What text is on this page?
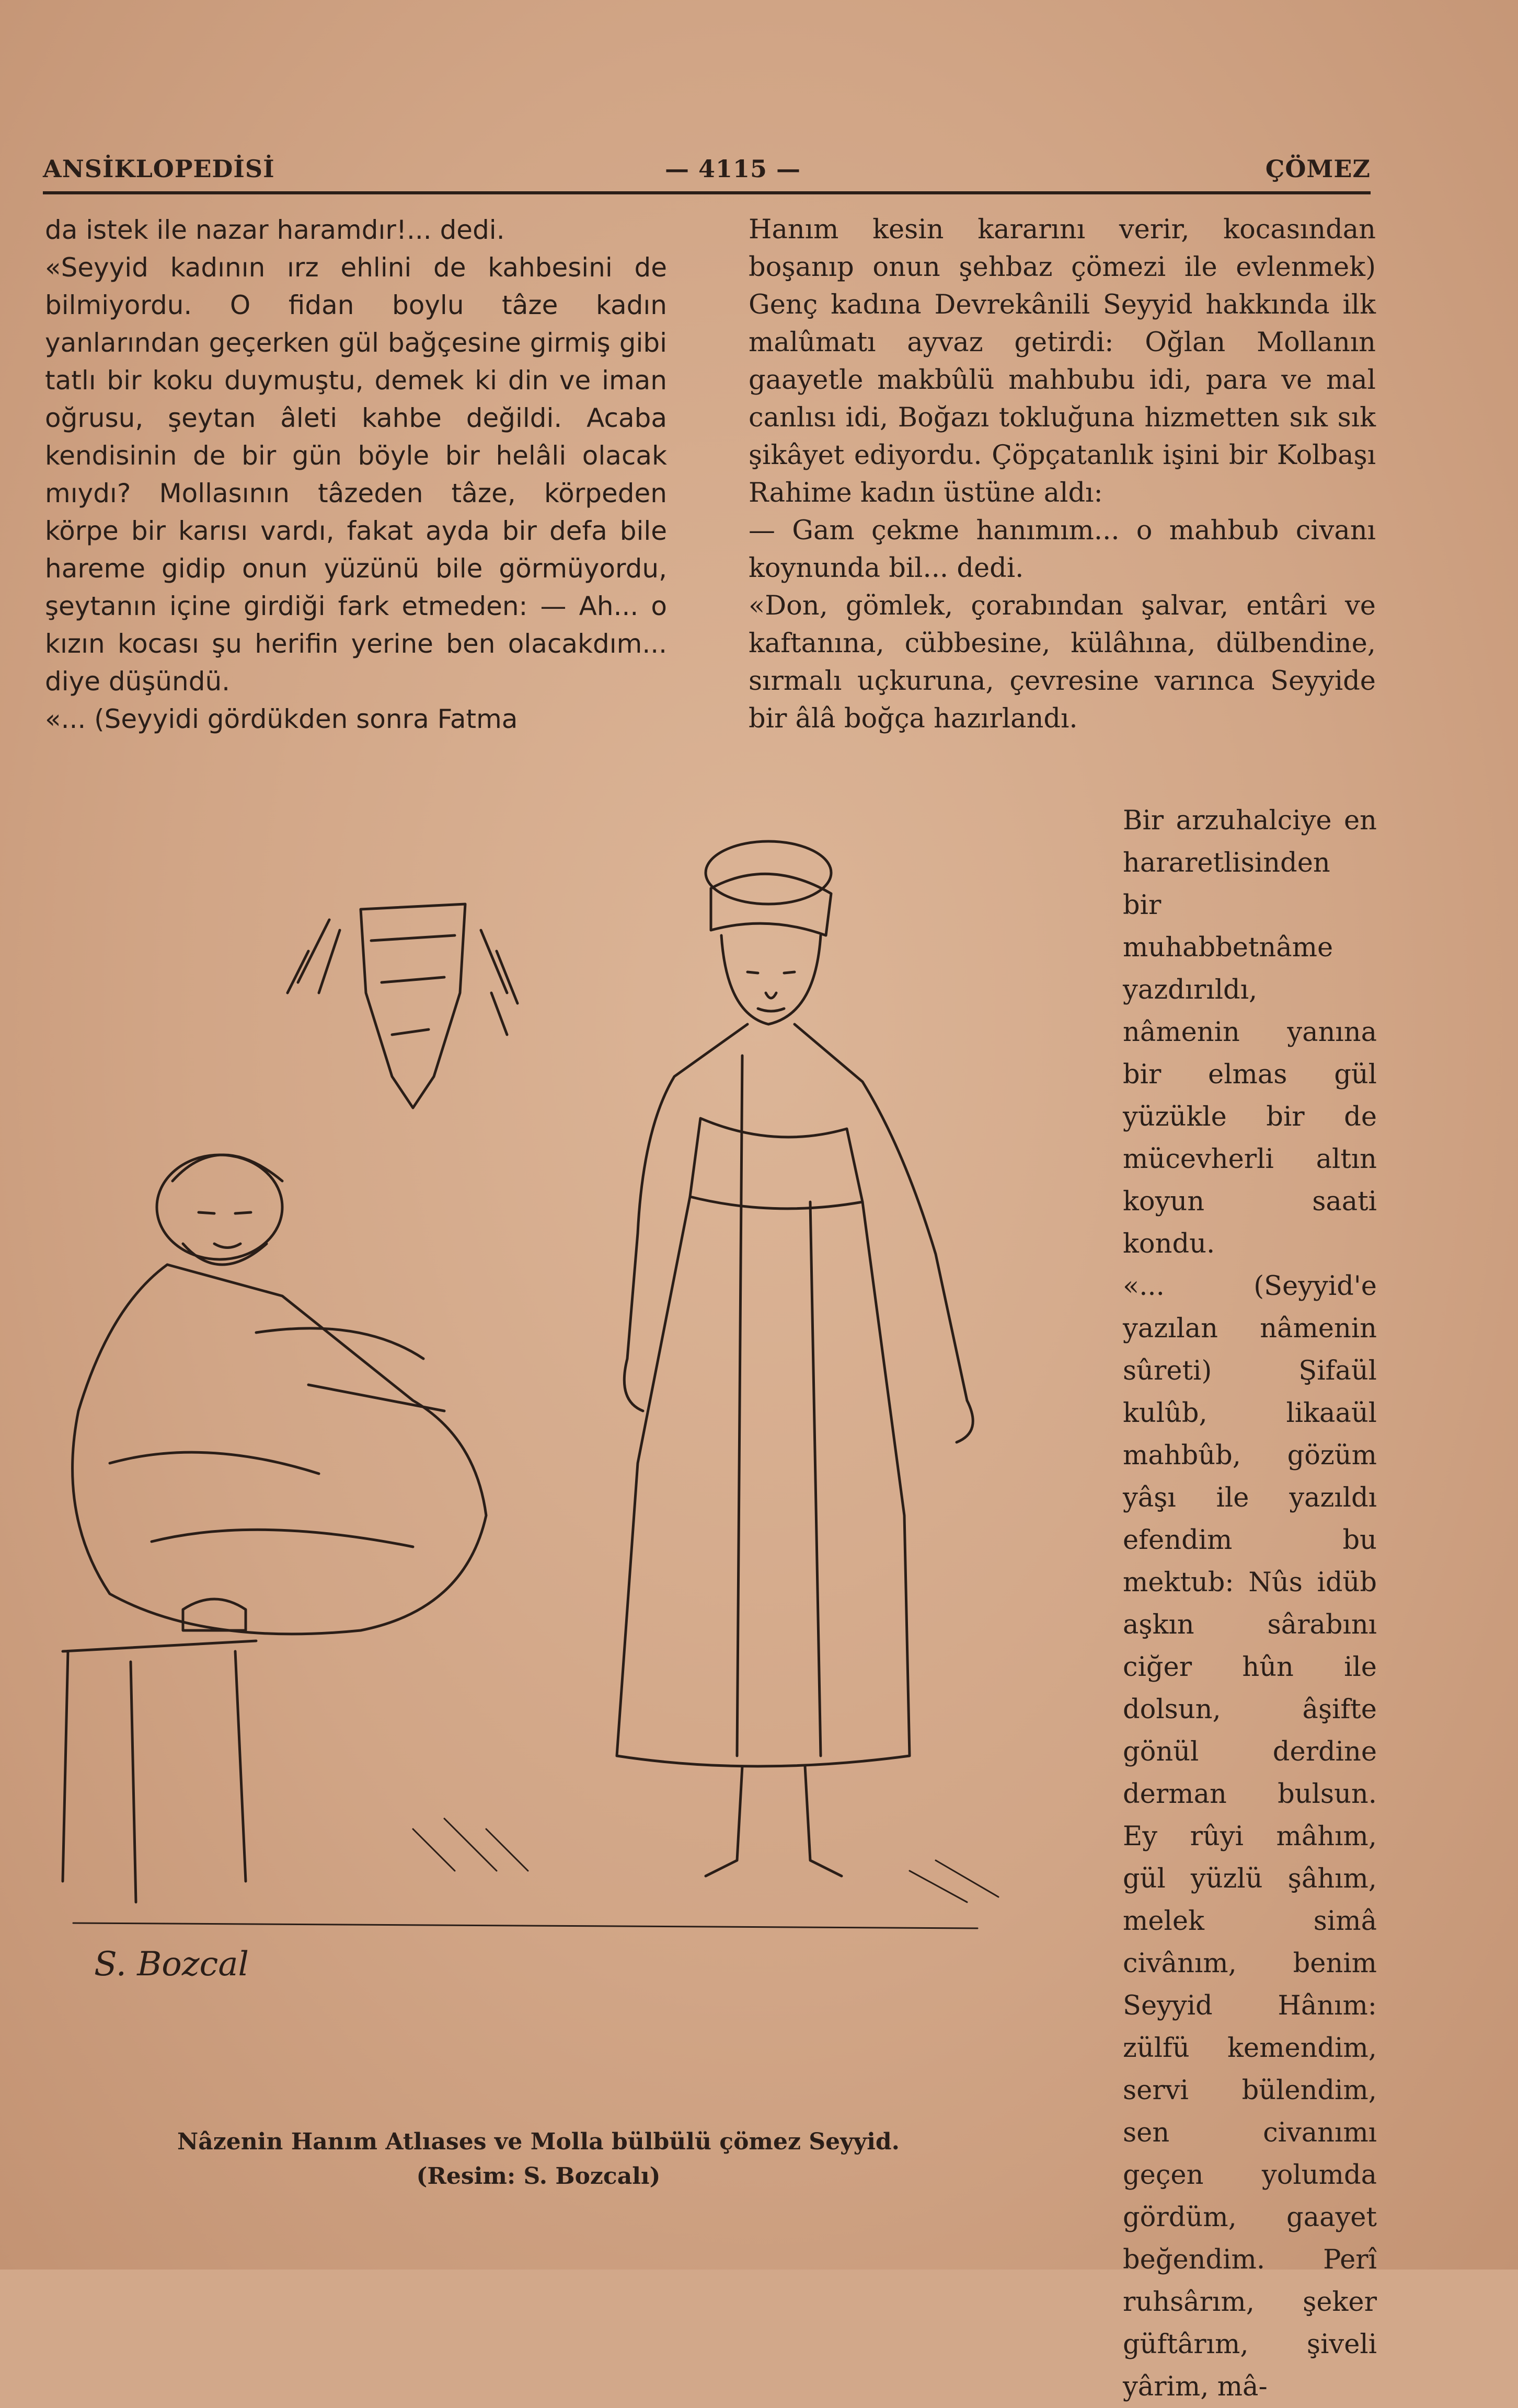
ANSİKLOPEDİSİ	— 4115 —	ÇÖMEZ
da istek ile nazar haramdır!... dedi.
«Seyyid kadının ırz ehlini de kahbesini de bilmiyordu. O fidan boylu tâze kadın yanlarından geçerken gül bağçesine girmiş gibi tatlı bir koku duymuştu, demek ki din ve iman oğrusu, şeytan âleti kahbe değildi. Acaba kendisinin de bir gün böyle bir helâli olacak mıydı? Mollasının tâzeden tâze, körpeden körpe bir karısı vardı, fakat ayda bir defa bile hareme gidip onun yüzünü bile görmüyordu, şeytanın içine girdiği fark etmeden: — Ah... o kızın kocası şu herifin yerine ben olacakdım... diye düşündü.
«... (Seyyidi gördükden sonra Fatma
Hanım kesin kararını verir, kocasından boşanıp onun şehbaz çömezi ile evlenmek) Genç kadına Devrekânili Seyyid hakkında ilk malûmatı ayvaz getirdi: Oğlan Mollanın gaayetle makbûlü mahbubu idi, para ve mal canlısı idi, Boğazı tokluğuna hizmetten sık sık şikâyet ediyordu. Çöpçatanlık işini bir Kolbaşı Rahime kadın üstüne aldı:
— Gam çekme hanımım... o mahbub civanı koynunda bil... dedi.
«Don, gömlek, çorabından şalvar, entâri ve kaftanına, cübbesine, külâhına, dülbendine, sırmalı uçkuruna, çevresine varınca Seyyide bir âlâ boğça hazırlandı.
Bir arzuhalciye en hararetlisinden bir muhabbetnâme yazdırıldı, nâmenin yanına bir elmas gül yüzükle bir de mücevherli altın koyun saati kondu.
«... (Seyyid'e yazılan nâmenin sûreti) Şifaül kulûb, likaaül mahbûb, gözüm yâşı ile yazıldı efendim bu mektub: Nûs idüb aşkın sârabını ciğer hûn ile dolsun, âşifte gönül derdine derman bulsun. Ey rûyi mâhım, gül yüzlü şâhım, melek simâ civânım, benim Seyyid Hânım: zülfü kemendim, servi bülendim, sen civanımı geçen yolumda gördüm, gaayet beğendim. Perî ruhsârım, şeker güftârım, şiveli yârim, mâ-
S. Bozcal
Nâzenin Hanım Atlıases ve Molla bülbülü çömez Seyyid.
(Resim: S. Bozcalı)
